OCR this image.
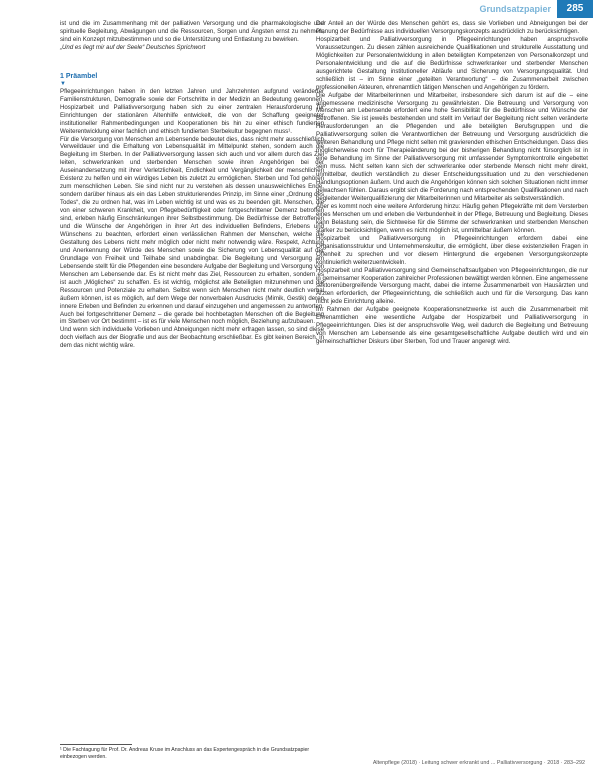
Grundsatzpapier	285

ist und die im Zusammenhang mit der palliativen Versorgung und die pharmakologische und spirituelle Begleitung, Abwägungen und die Ressourcen, Sorgen und Ängsten ernst zu nehmen, sind ein Konzept mitzubestimmen und so die Unterstützung und Entlastung zu bewirken.

„Und es liegt mir auf der Seele“ Deutsches Sprichwort

1 Präambel
▼

Pflegeeinrichtungen haben in den letzten Jahren und Jahrzehnten aufgrund veränderter Familienstrukturen, Demografie sowie der Fortschritte in der Medizin an Bedeutung gewonnen. Hospizarbeit und Palliativversorgung haben sich zu einer zentralen Herausforderung für Einrichtungen der stationären Altenhilfe entwickelt, die von der Schaffung geeigneter institutioneller Rahmenbedingungen und Kooperationen bis hin zu einer ethisch fundierten Weiterentwicklung einer fachlich und ethisch fundierten Sterbekultur begegnen muss¹.

Für die Versorgung von Menschen am Lebensende bedeutet dies, dass nicht mehr ausschließlich Verweildauer und die Erhaltung von Lebensqualität im Mittelpunkt stehen, sondern auch die Begleitung im Sterben. In der Palliativversorgung lassen sich auch und vor allem durch das Ziel leiten, schwerkranken und sterbenden Menschen sowie ihren Angehörigen bei der Auseinandersetzung mit ihrer Verletzlichkeit, Endlichkeit und Vergänglichkeit der menschlichen Existenz zu helfen und ein würdiges Leben bis zuletzt zu ermöglichen. Sterben und Tod gehören zum menschlichen Leben. Sie sind nicht nur zu verstehen als dessen unausweichliches Ende, sondern darüber hinaus als ein das Leben strukturierendes Prinzip, im Sinne einer „Ordnung des Todes“, die zu ordnen hat, was im Leben wichtig ist und was es zu beenden gilt. Menschen, die von einer schweren Krankheit, von Pflegebedürftigkeit oder fortgeschrittener Demenz betroffen sind, erleben häufig Einschränkungen ihrer Selbstbestimmung. Die Bedürfnisse der Betroffenen und die Wünsche der Angehörigen in ihrer Art des individuellen Befindens, Erlebens und Wünschens zu beachten, erfordert einen verlässlichen Rahmen der Menschen, welche die Gestaltung des Lebens nicht mehr möglich oder nicht mehr notwendig wäre. Respekt, Achtung und Anerkennung der Würde des Menschen sowie die Sicherung von Lebensqualität auf der Grundlage von Freiheit und Teilhabe sind unabdingbar. Die Begleitung und Versorgung am Lebensende stellt für die Pflegenden eine besondere Aufgabe der Begleitung und Versorgung von Menschen am Lebensende dar. Es ist nicht mehr das Ziel, Ressourcen zu erhalten, sondern es ist auch „Mögliches“ zu schaffen. Es ist wichtig, möglichst alle Beteiligten mitzunehmen und die Ressourcen und Potenziale zu erhalten. Selbst wenn sich Menschen nicht mehr deutlich verbal äußern können, ist es möglich, auf dem Wege der nonverbalen Ausdrucks (Mimik, Gestik) deren innere Erleben und Befinden zu erkennen und darauf einzugehen und angemessen zu antworten. Auch bei fortgeschrittener Demenz – die gerade bei hochbetagten Menschen oft die Begleitung im Sterben vor Ort bestimmt – ist es für viele Menschen noch möglich, Beziehung aufzubauen.

Und wenn sich individuelle Vorlieben und Abneigungen nicht mehr erfragen lassen, so sind diese doch vielfach aus der Biografie und aus der Beobachtung erschließbar. Es gibt keinen Bereich, in dem das nicht wichtig wäre.

Der Anteil an der Würde des Menschen gehört es, dass sie Vorlieben und Abneigungen bei der Planung der Bedürfnisse aus individuellen Versorgungskonzepts ausdrücklich zu berücksichtigen.

Hospizarbeit und Palliativversorgung in Pflegeeinrichtungen haben anspruchsvolle Voraussetzungen. Zu diesen zählen ausreichende Qualifikationen und strukturelle Ausstattung und Möglichkeiten zur Personalentwicklung in allen beteiligten Kompetenzen von Personalkonzept und Personalentwicklung und die auf die Bedürfnisse schwerkranker und sterbender Menschen ausgerichtete Gestaltung institutioneller Abläufe und Sicherung von Versorgungsqualität. Und schließlich ist – im Sinne einer „geteilten Verantwortung“ – die Zusammenarbeit zwischen professionellen Akteuren, ehrenamtlich tätigen Menschen und Angehörigen zu fördern.

Die Aufgabe der Mitarbeiterinnen und Mitarbeiter, insbesondere sich darum ist auf die – eine angemessene medizinische Versorgung zu gewährleisten. Die Betreuung und Versorgung von Menschen am Lebensende erfordert eine hohe Sensibilität für die Bedürfnisse und Wünsche der Betroffenen. Sie ist jeweils bestehenden und stellt im Verlauf der Begleitung nicht selten veränderte Herausforderungen an die Pflegenden und alle beteiligten Berufsgruppen und die Palliativversorgung sollen die Verantwortlichen der Betreuung und Versorgung ausdrücklich die weiteren Behandlung und Pflege nicht selten mit gravierenden ethischen Entscheidungen. Dass dies möglicherweise noch für Therapieänderung bei der bisherigen Behandlung nicht fürsorglich ist in eine Behandlung im Sinne der Palliativversorgung mit umfassender Symptomkontrolle eingebettet sein muss. Nicht selten kann sich der schwerkranke oder sterbende Mensch nicht mehr direkt, unmittelbar, deutlich verständlich zu dieser Entscheidungssituation und zu den verschiedenen Handlungsoptionen äußern. Und auch die Angehörigen können sich solchen Situationen nicht immer gewachsen fühlen. Daraus ergibt sich die Forderung nach entsprechenden Qualifikationen und nach begleitender Weiterqualifizierung der Mitarbeiterinnen und Mitarbeiter als selbstverständlich.

Aber es kommt noch eine weitere Anforderung hinzu: Häufig gehen Pflegekräfte mit dem Versterben eines Menschen um und erleben die Verbundenheit in der Pflege, Betreuung und Begleitung. Dieses kann Belastung sein, die Sichtweise für die Stimme der schwerkranken und sterbenden Menschen stärker zu berücksichtigen, wenn es nicht möglich ist, unmittelbar äußern können.

Hospizarbeit und Palliativversorgung in Pflegeeinrichtungen erfordern dabei eine Organisationsstruktur und Unternehmenskultur, die ermöglicht, über diese existenziellen Fragen in Offenheit zu sprechen und vor diesem Hintergrund die ergebenen Versorgungskonzepte kontinuierlich weiterzuentwickeln.

Hospizarbeit und Palliativversorgung sind Gemeinschaftsaufgaben von Pflegeeinrichtungen, die nur in gemeinsamer Kooperation zahlreicher Professionen bewältigt werden können. Eine angemessene sektorenübergreifende Versorgung macht, dabei die interne Zusammenarbeit von Hausärzten und Ärzten erforderlich, der Pflegeeinrichtung, die schließlich auch und für die Versorgung. Das kann nicht jede Einrichtung alleine.

Im Rahmen der Aufgabe geeignete Kooperationsnetzwerke ist auch die Zusammenarbeit mit Ehrenamtlichen eine wesentliche Aufgabe der Hospizarbeit und Palliativversorgung in Pflegeeinrichtungen. Dies ist der anspruchsvolle Weg, weil dadurch die Begleitung und Betreuung von Menschen am Lebensende als eine gesamtgesellschaftliche Aufgabe deutlich wird und ein gemeinschaftlicher Diskurs über Sterben, Tod und Trauer angeregt wird.

¹ Die Fachtagung für Prof. Dr. Andreas Kruse im Anschluss an das Expertengespräch in die Grundsatzpapier einbezogen werden.
Altenpflege (2018) · Leitung schwer erkrankt und ... Palliativversorgung · 2018 · 283–292
